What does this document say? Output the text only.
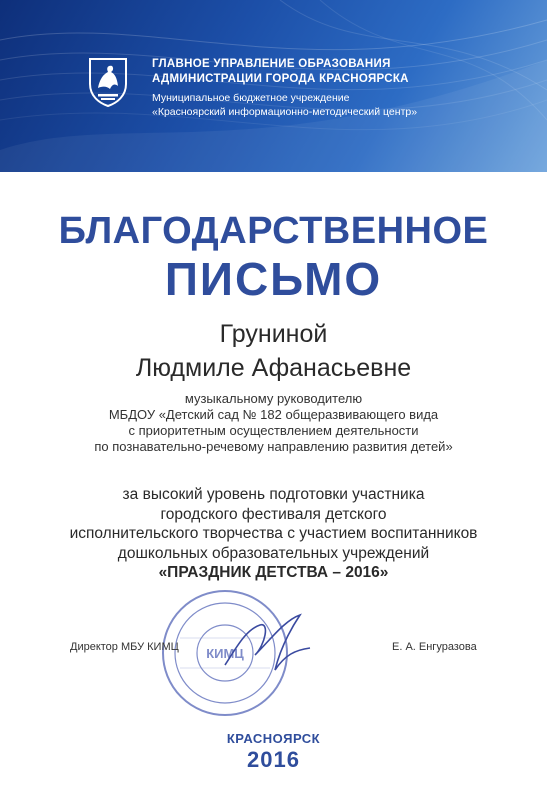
ГЛАВНОЕ УПРАВЛЕНИЕ ОБРАЗОВАНИЯ
АДМИНИСТРАЦИИ ГОРОДА КРАСНОЯРСКА
Муниципальное бюджетное учреждение
«Красноярский информационно-методический центр»
БЛАГОДАРСТВЕННОЕ
ПИСЬМО
Груниной
Людмиле Афанасьевне
музыкальному руководителю
МБДОУ «Детский сад № 182 общеразвивающего вида
с приоритетным осуществлением деятельности
по познавательно-речевому направлению развития детей»
за высокий уровень подготовки участника
городского фестиваля детского
исполнительского творчества с участием воспитанников
дошкольных образовательных учреждений
«ПРАЗДНИК ДЕТСТВА – 2016»
КИМЦ
Директор МБУ КИМЦ	Е. А. Енгуразова
КРАСНОЯРСК
2016
